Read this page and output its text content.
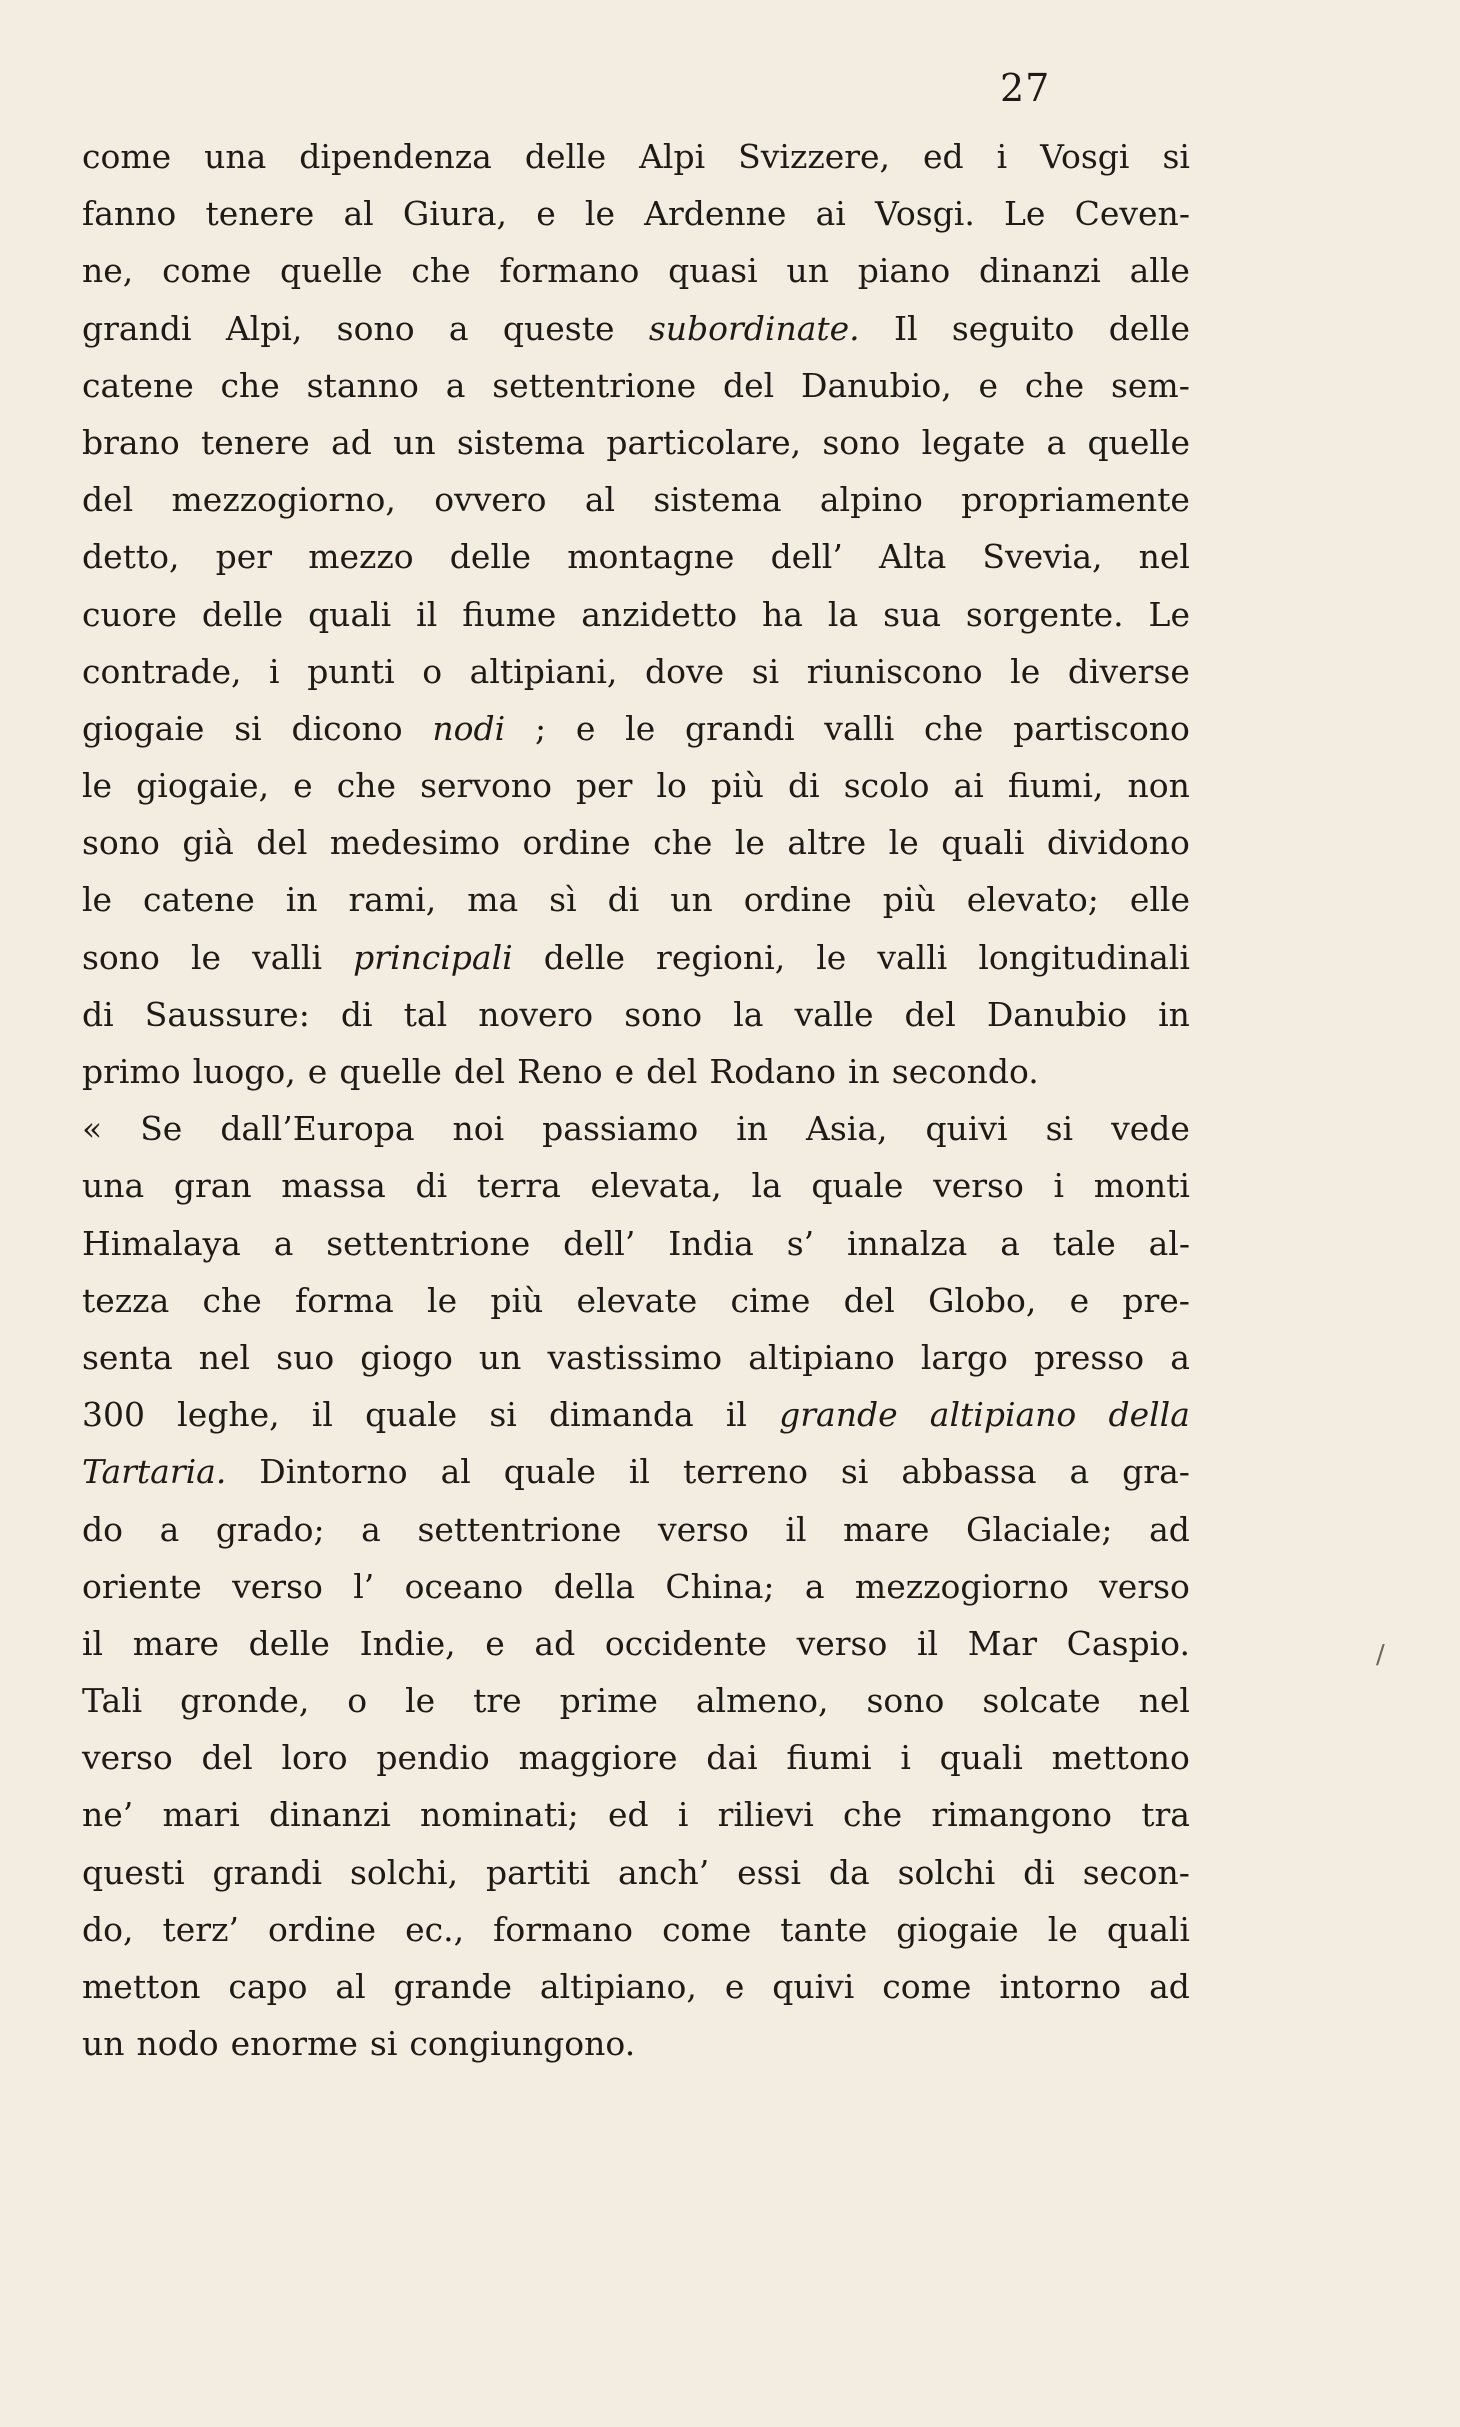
27
come una dipendenza delle Alpi Svizzere, ed i Vosgi si
fanno tenere al Giura, e le Ardenne ai Vosgi. Le Ceven-
ne, come quelle che formano quasi un piano dinanzi alle
grandi Alpi, sono a queste subordinate. Il seguito delle
catene che stanno a settentrione del Danubio, e che sem-
brano tenere ad un sistema particolare, sono legate a quelle
del mezzogiorno, ovvero al sistema alpino propriamente
detto, per mezzo delle montagne dell’ Alta Svevia, nel
cuore delle quali il fiume anzidetto ha la sua sorgente. Le
contrade, i punti o altipiani, dove si riuniscono le diverse
giogaie si dicono nodi ; e le grandi valli che partiscono
le giogaie, e che servono per lo più di scolo ai fiumi, non
sono già del medesimo ordine che le altre le quali dividono
le catene in rami, ma sì di un ordine più elevato; elle
sono le valli principali delle regioni, le valli longitudinali
di Saussure: di tal novero sono la valle del Danubio in
primo luogo, e quelle del Reno e del Rodano in secondo.
« Se dall’Europa noi passiamo in Asia, quivi si vede
una gran massa di terra elevata, la quale verso i monti
Himalaya a settentrione dell’ India s’ innalza a tale al-
tezza che forma le più elevate cime del Globo, e pre-
senta nel suo giogo un vastissimo altipiano largo presso a
300 leghe, il quale si dimanda il grande altipiano della
Tartaria. Dintorno al quale il terreno si abbassa a gra-
do a grado; a settentrione verso il mare Glaciale; ad
oriente verso l’ oceano della China; a mezzogiorno verso
il mare delle Indie, e ad occidente verso il Mar Caspio.
Tali gronde, o le tre prime almeno, sono solcate nel
verso del loro pendio maggiore dai fiumi i quali mettono
ne’ mari dinanzi nominati; ed i rilievi che rimangono tra
questi grandi solchi, partiti anch’ essi da solchi di secon-
do, terz’ ordine ec., formano come tante giogaie le quali
metton capo al grande altipiano, e quivi come intorno ad
un nodo enorme si congiungono.
/
